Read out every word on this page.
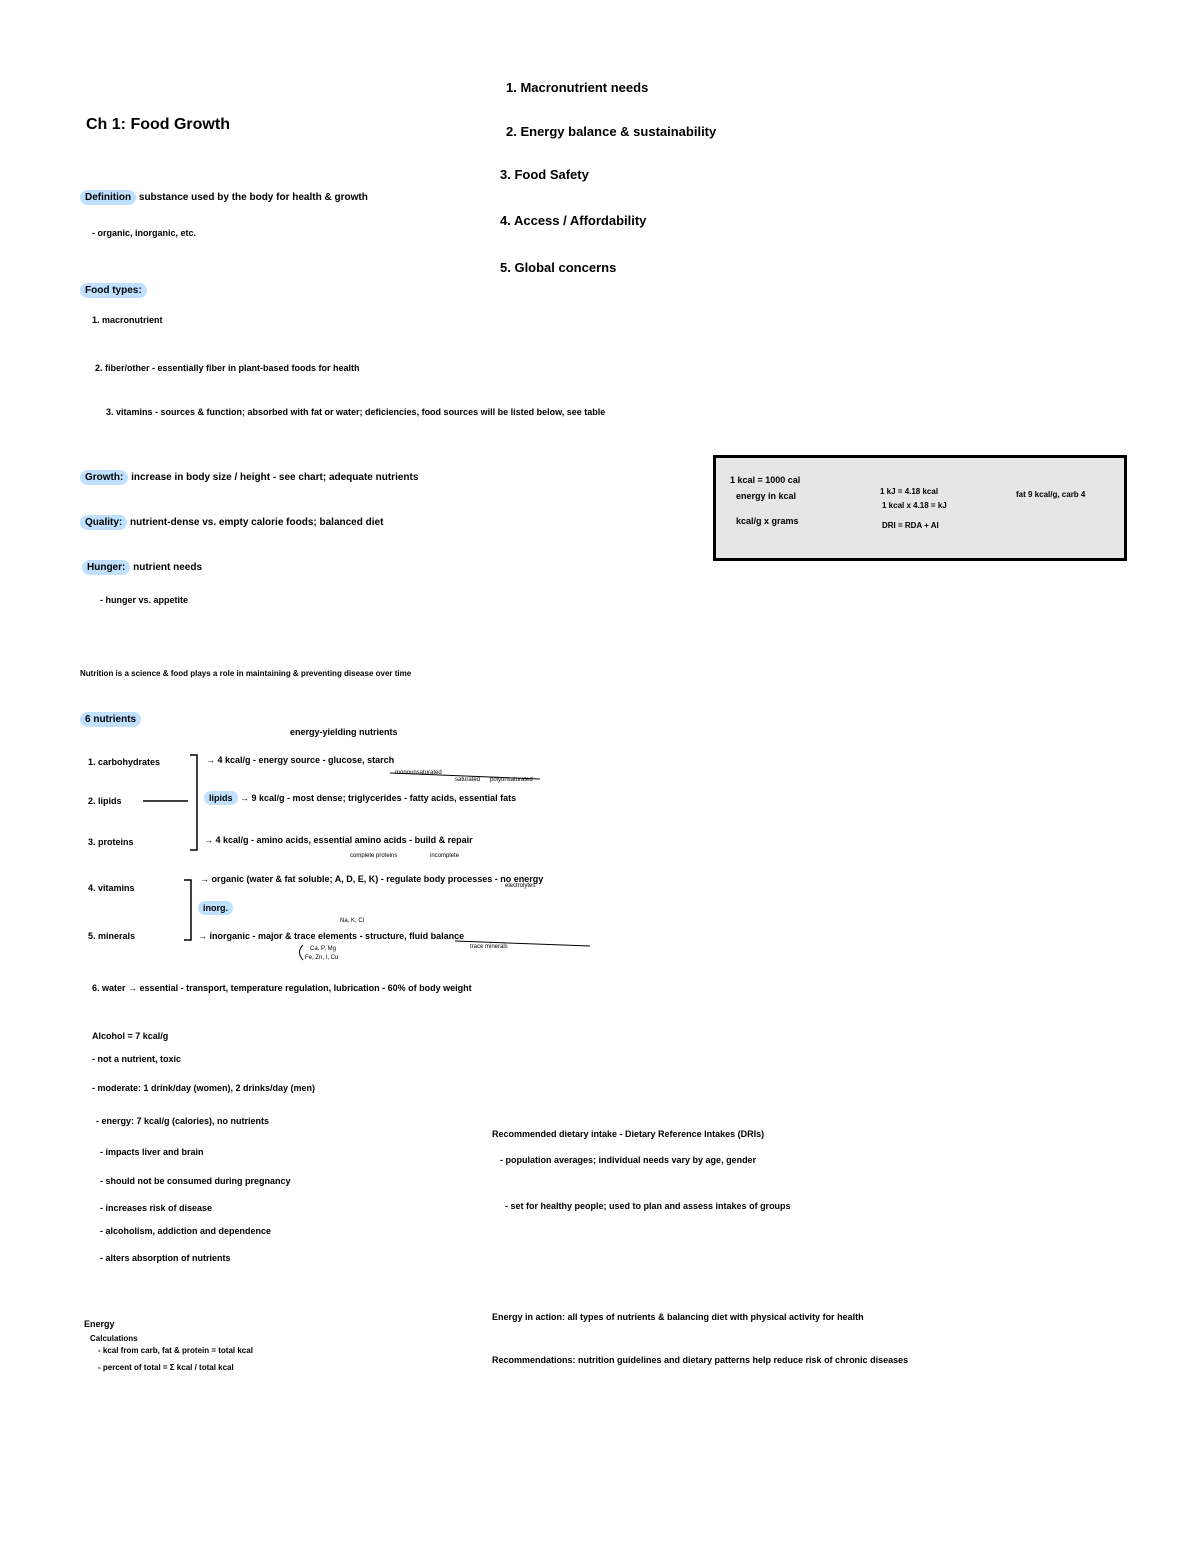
Ch 1: Food Growth
1. Macronutrient needs
2. Energy balance & sustainability
3. Food Safety
4. Access / Affordability
5. Global concerns
Definition substance used by the body for health & growth
- organic, inorganic, etc.
Food types:
1. macronutrient
2. fiber/other - essentially fiber in plant-based foods for health
3. vitamins - sources & function; absorbed with fat or water; deficiencies, food sources will be listed below, see table
Growth: increase in body size / height - see chart; adequate nutrients
Quality: nutrient-dense vs. empty calorie foods; balanced diet
Hunger: nutrient needs
- hunger vs. appetite
1 kcal = 1000 cal
energy in kcal
kcal/g x grams
1 kJ = 4.18 kcal
1 kcal x 4.18 = kJ
DRI = RDA + AI
fat 9 kcal/g, carb 4
Nutrition is a science & food plays a role in maintaining & preventing disease over time
6 nutrients
energy-yielding nutrients
1. carbohydrates
2. lipids
3. proteins
4. vitamins
5. minerals
→ 4 kcal/g - energy source - glucose, starch
lipids → 9 kcal/g - most dense; triglycerides - fatty acids, essential fats
→ 4 kcal/g - amino acids, essential amino acids - build & repair
→ organic (water & fat soluble; A, D, E, K) - regulate body processes - no energy
inorg.
→ inorganic - major & trace elements - structure, fluid balance
6. water → essential - transport, temperature regulation, lubrication - 60% of body weight
monounsaturated
saturated polyunsaturated
complete proteins	incomplete
electrolytes
trace minerals
Na, K, Cl
Ca, P, Mg
Fe, Zn, I, Cu
Alcohol = 7 kcal/g
- not a nutrient, toxic
- moderate: 1 drink/day (women), 2 drinks/day (men)
- energy: 7 kcal/g (calories), no nutrients
- impacts liver and brain
- should not be consumed during pregnancy
- increases risk of disease
- alcoholism, addiction and dependence
- alters absorption of nutrients
Recommended dietary intake - Dietary Reference Intakes (DRIs)
- population averages; individual needs vary by age, gender
- set for healthy people; used to plan and assess intakes of groups
Energy
Calculations
- kcal from carb, fat & protein = total kcal
- percent of total = Σ kcal / total kcal
Energy in action: all types of nutrients & balancing diet with physical activity for health
Recommendations: nutrition guidelines and dietary patterns help reduce risk of chronic diseases
